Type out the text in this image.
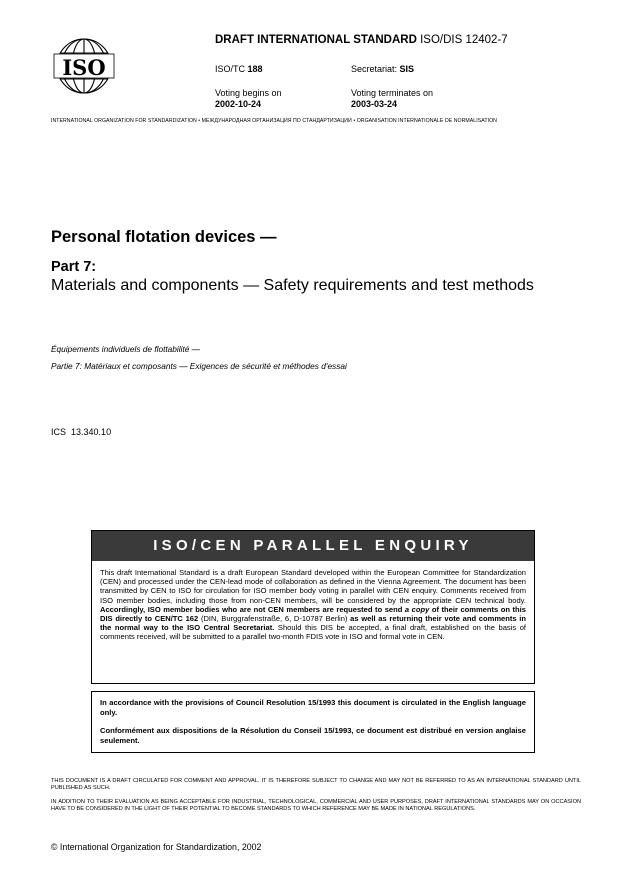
ISO
DRAFT INTERNATIONAL STANDARD ISO/DIS 12402-7
ISO/TC 188	Secretariat: SIS
Voting begins on
2002-10-24
Voting terminates on
2003-03-24
INTERNATIONAL ORGANIZATION FOR STANDARDIZATION • МЕЖДУНАРОДНАЯ ОРГАНИЗАЦИЯ ПО СТАНДАРТИЗАЦИИ • ORGANISATION INTERNATIONALE DE NORMALISATION
Personal flotation devices —
Part 7:
Materials and components — Safety requirements and test methods
Équipements individuels de flottabilité —
Partie 7: Matériaux et composants — Exigences de sécurité et méthodes d'essai
ICS 13.340.10
ISO/CEN PARALLEL ENQUIRY
This draft International Standard is a draft European Standard developed within the European Committee for Standardization (CEN) and processed under the CEN-lead mode of collaboration as defined in the Vienna Agreement. The document has been transmitted by CEN to ISO for circulation for ISO member body voting in parallel with CEN enquiry. Comments received from ISO member bodies, including those from non-CEN members, will be considered by the appropriate CEN technical body. Accordingly, ISO member bodies who are not CEN members are requested to send a copy of their comments on this DIS directly to CEN/TC 162 (DIN, Burggrafenstraße, 6, D-10787 Berlin) as well as returning their vote and comments in the normal way to the ISO Central Secretariat. Should this DIS be accepted, a final draft, established on the basis of comments received, will be submitted to a parallel two-month FDIS vote in ISO and formal vote in CEN.

In accordance with the provisions of Council Resolution 15/1993 this document is circulated in the English language only.

Conformément aux dispositions de la Résolution du Conseil 15/1993, ce document est distribué en version anglaise seulement.

THIS DOCUMENT IS A DRAFT CIRCULATED FOR COMMENT AND APPROVAL. IT IS THEREFORE SUBJECT TO CHANGE AND MAY NOT BE REFERRED TO AS AN INTERNATIONAL STANDARD UNTIL PUBLISHED AS SUCH.
IN ADDITION TO THEIR EVALUATION AS BEING ACCEPTABLE FOR INDUSTRIAL, TECHNOLOGICAL, COMMERCIAL AND USER PURPOSES, DRAFT INTERNATIONAL STANDARDS MAY ON OCCASION HAVE TO BE CONSIDERED IN THE LIGHT OF THEIR POTENTIAL TO BECOME STANDARDS TO WHICH REFERENCE MAY BE MADE IN NATIONAL REGULATIONS.
© International Organization for Standardization, 2002
